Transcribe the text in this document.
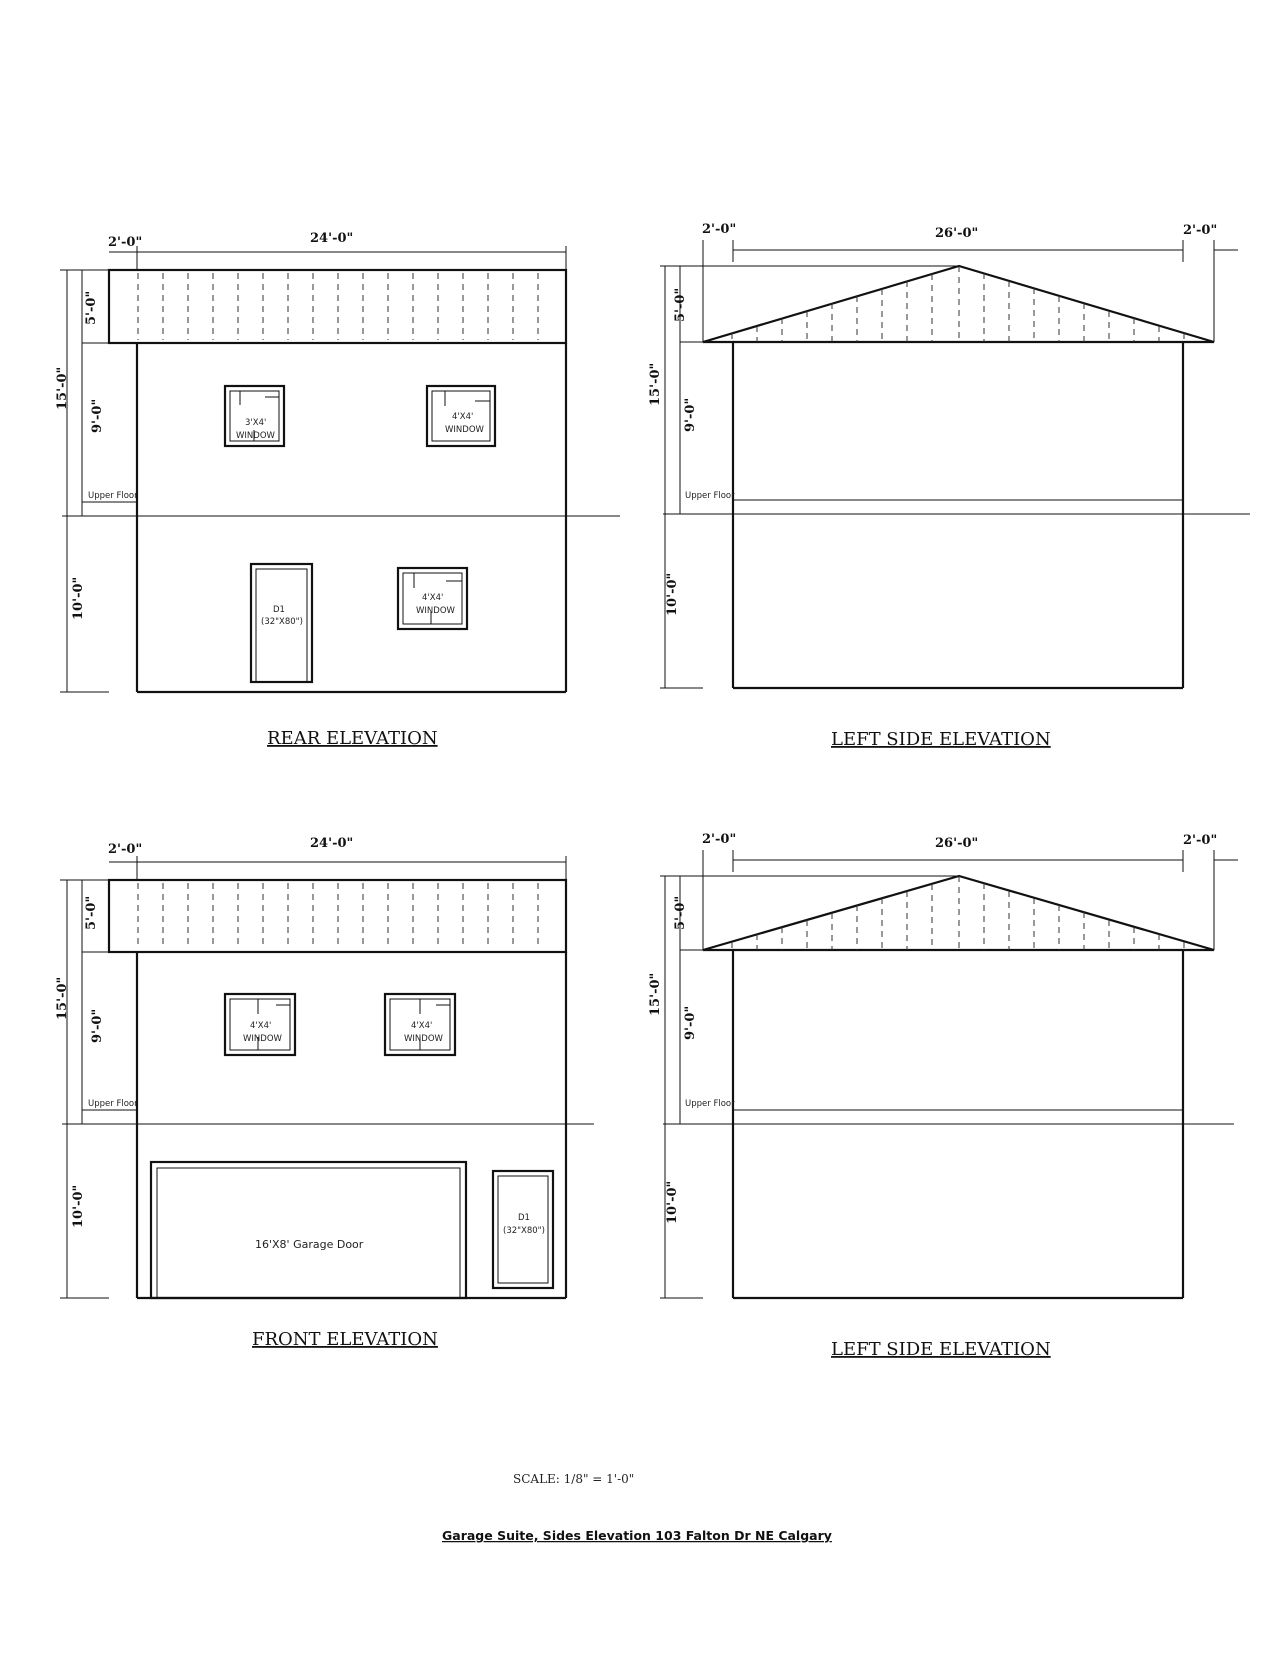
24'-0"
2'-0"
5'-0"
15'-0"
9'-0"
10'-0"
Upper Floor
3'X4'
WINDOW
4'X4'
WINDOW
4'X4'
WINDOW
D1
(32"X80")
REAR ELEVATION
26'-0"
2'-0"	2'-0"
5'-0"
15'-0"
9'-0"
10'-0"
Upper Floor
LEFT SIDE ELEVATION
24'-0"
2'-0"
5'-0"
15'-0"
9'-0"
10'-0"
Upper Floor
4'X4'
WINDOW
4'X4'
WINDOW
16'X8' Garage Door
D1
(32"X80")
FRONT ELEVATION
26'-0"
2'-0"	2'-0"
5'-0"
15'-0"
9'-0"
10'-0"
Upper Floor
LEFT SIDE ELEVATION
SCALE: 1/8" = 1'-0"
Garage Suite, Sides Elevation 103 Falton Dr NE Calgary
